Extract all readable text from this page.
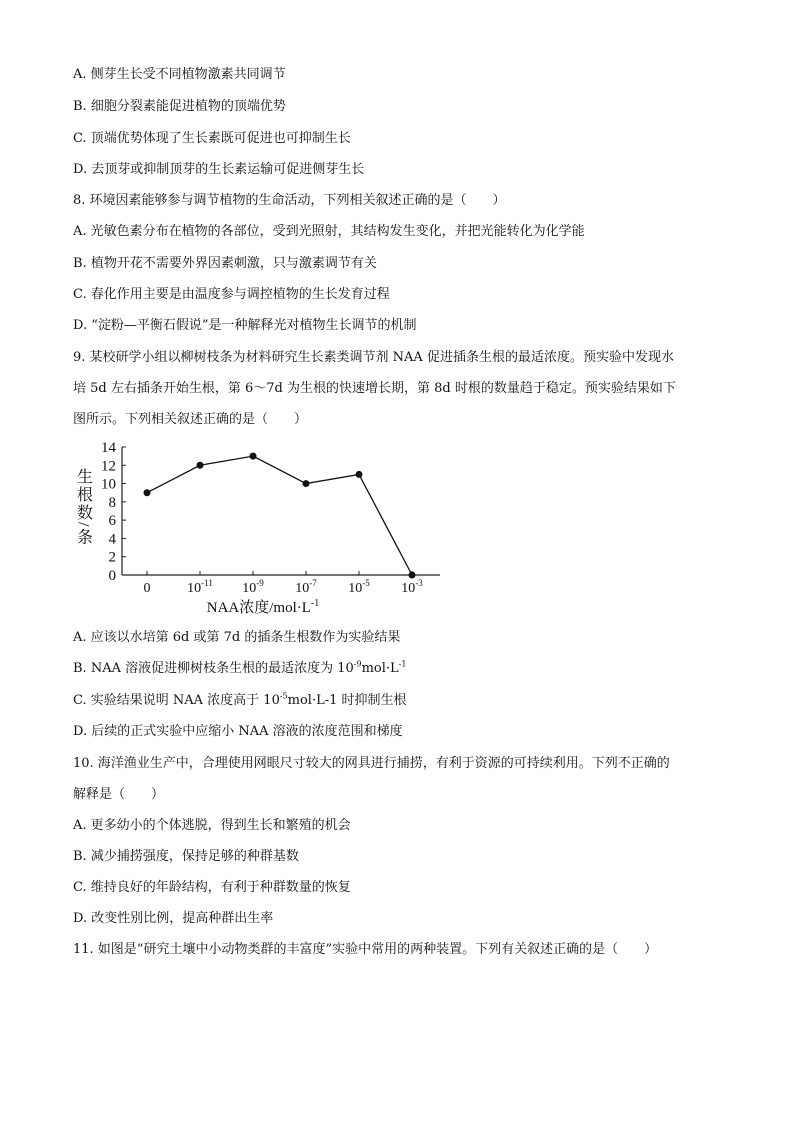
A. 侧芽生长受不同植物激素共同调节
B. 细胞分裂素能促进植物的顶端优势
C. 顶端优势体现了生长素既可促进也可抑制生长
D. 去顶芽或抑制顶芽的生长素运输可促进侧芽生长
8. 环境因素能够参与调节植物的生命活动，下列相关叙述正确的是（　　）
A. 光敏色素分布在植物的各部位，受到光照射，其结构发生变化，并把光能转化为化学能
B. 植物开花不需要外界因素刺激，只与激素调节有关
C. 春化作用主要是由温度参与调控植物的生长发育过程
D. “淀粉—平衡石假说”是一种解释光对植物生长调节的机制
9. 某校研学小组以柳树枝条为材料研究生长素类调节剂 NAA 促进插条生根的最适浓度。预实验中发现水
培 5d 左右插条开始生根，第 6～7d 为生根的快速增长期，第 8d 时根的数量趋于稳定。预实验结果如下
图所示。下列相关叙述正确的是（　　）
0
2
4
6
8
10
12
14
0	$10^{-11}$ $10^{-9}$ $10^{-7}$ $10^{-5}$ $10^{-3}$
生根数/条
NAA浓度$/mol\cdot L^{-1}$
A. 应该以水培第 6d 或第 7d 的插条生根数作为实验结果
B. NAA 溶液促进柳树枝条生根的最适浓度为 $10^{-9}mol\cdot L^{-1}$
C. 实验结果说明 NAA 浓度高于 $10^{-5}mol\cdot L-1$ 时抑制生根
D. 后续的正式实验中应缩小 NAA 溶液的浓度范围和梯度
10. 海洋渔业生产中，合理使用网眼尺寸较大的网具进行捕捞，有利于资源的可持续利用。下列不正确的
解释是（　　）
A. 更多幼小的个体逃脱，得到生长和繁殖的机会
B. 减少捕捞强度，保持足够的种群基数
C. 维持良好的年龄结构，有利于种群数量的恢复
D. 改变性别比例，提高种群出生率
11. 如图是“研究土壤中小动物类群的丰富度”实验中常用的两种装置。下列有关叙述正确的是（　　）
